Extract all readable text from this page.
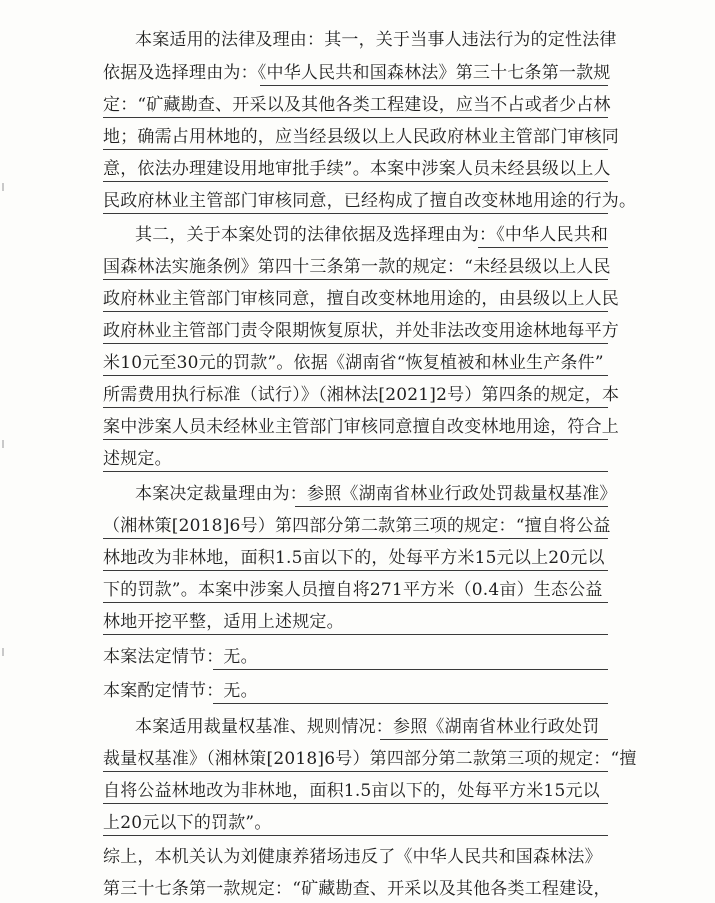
本案适用的法律及理由：其一，关于当事人违法行为的定性法律
依据及选择理由为：《中华人民共和国森林法》第三十七条第一款规
定：“矿藏勘查、开采以及其他各类工程建设，应当不占或者少占林
地；确需占用林地的，应当经县级以上人民政府林业主管部门审核同
意，依法办理建设用地审批手续”。本案中涉案人员未经县级以上人
民政府林业主管部门审核同意，已经构成了擅自改变林地用途的行为。
其二，关于本案处罚的法律依据及选择理由为：《中华人民共和
国森林法实施条例》第四十三条第一款的规定：“未经县级以上人民
政府林业主管部门审核同意，擅自改变林地用途的，由县级以上人民
政府林业主管部门责令限期恢复原状，并处非法改变用途林地每平方
米10元至30元的罚款”。依据《湖南省“恢复植被和林业生产条件”
所需费用执行标准（试行）》（湘林法[2021]2号）第四条的规定，本
案中涉案人员未经林业主管部门审核同意擅自改变林地用途，符合上
述规定。
本案决定裁量理由为：参照《湖南省林业行政处罚裁量权基准》
（湘林策[2018]6号）第四部分第二款第三项的规定：“擅自将公益
林地改为非林地，面积1.5亩以下的，处每平方米15元以上20元以
下的罚款”。本案中涉案人员擅自将271平方米（0.4亩）生态公益
林地开挖平整，适用上述规定。
本案法定情节：无。
本案酌定情节：无。
本案适用裁量权基准、规则情况：参照《湖南省林业行政处罚
裁量权基准》（湘林策[2018]6号）第四部分第二款第三项的规定：“擅
自将公益林地改为非林地，面积1.5亩以下的，处每平方米15元以
上20元以下的罚款”。
综上，本机关认为刘健康养猪场违反了《中华人民共和国森林法》
第三十七条第一款规定：“矿藏勘查、开采以及其他各类工程建设，
